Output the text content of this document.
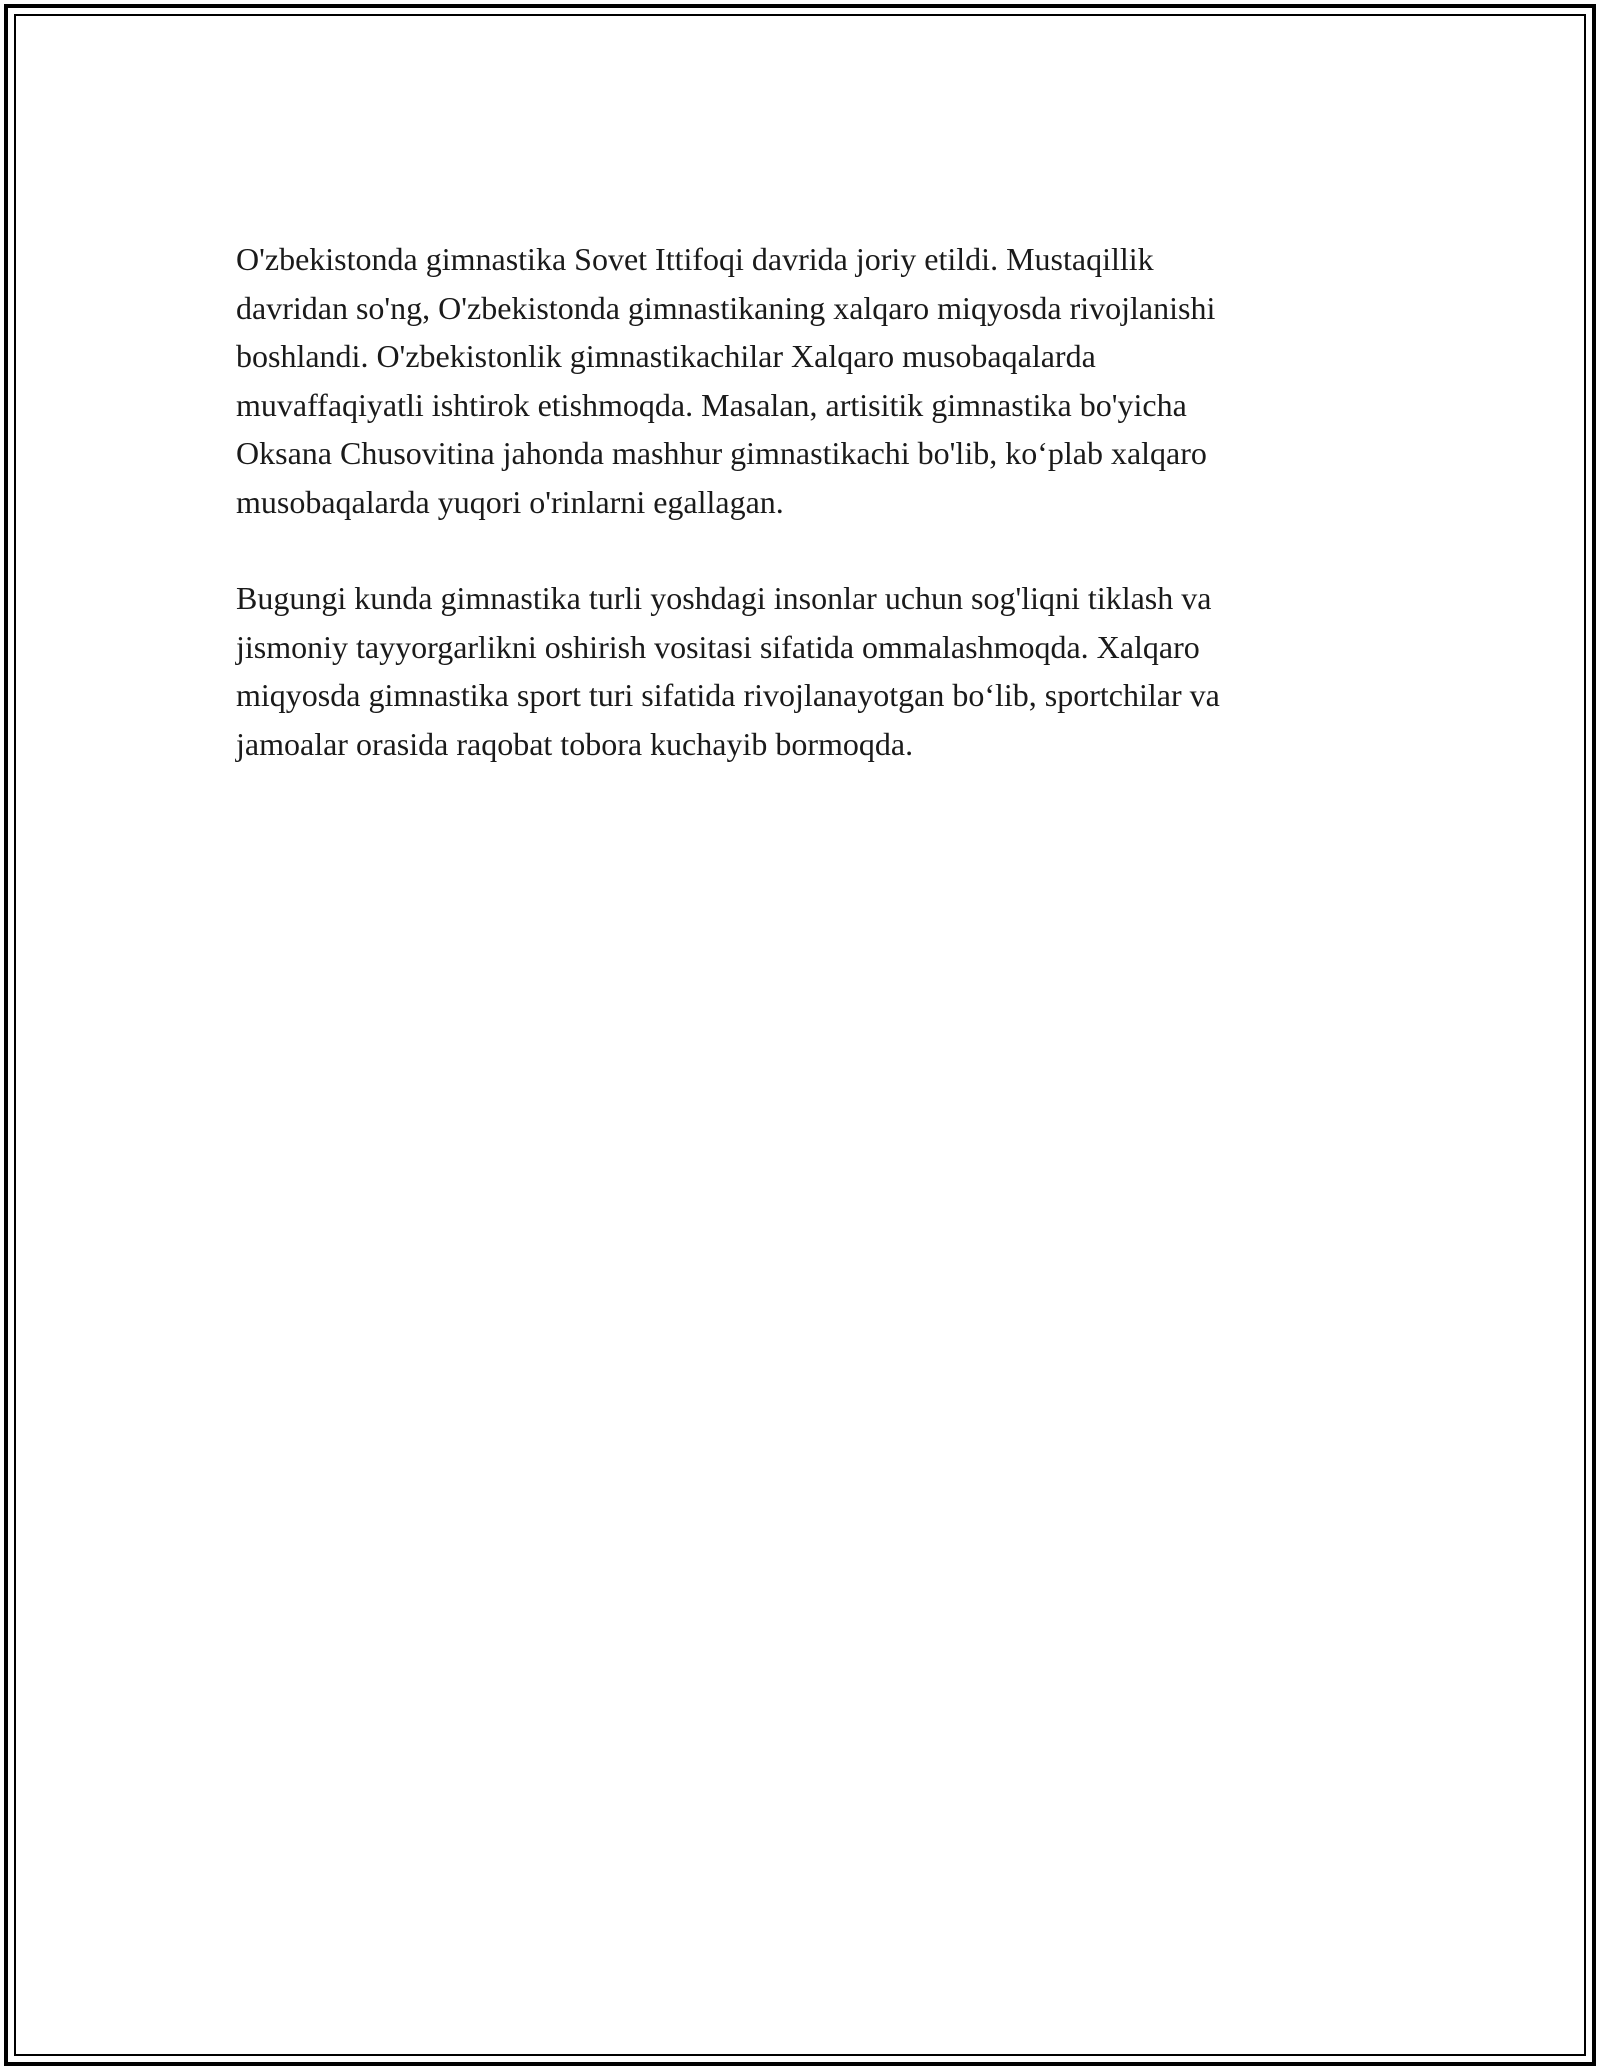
O'zbekistonda gimnastika Sovet Ittifoqi davrida joriy etildi. Mustaqillik
davridan so'ng, O'zbekistonda gimnastikaning xalqaro miqyosda rivojlanishi
boshlandi. O'zbekistonlik gimnastikachilar Xalqaro musobaqalarda
muvaffaqiyatli ishtirok etishmoqda. Masalan, artisitik gimnastika bo'yicha
Oksana Chusovitina jahonda mashhur gimnastikachi bo'lib, ko‘plab xalqaro
musobaqalarda yuqori o'rinlarni egallagan.

Bugungi kunda gimnastika turli yoshdagi insonlar uchun sog'liqni tiklash va
jismoniy tayyorgarlikni oshirish vositasi sifatida ommalashmoqda. Xalqaro
miqyosda gimnastika sport turi sifatida rivojlanayotgan bo‘lib, sportchilar va
jamoalar orasida raqobat tobora kuchayib bormoqda.
